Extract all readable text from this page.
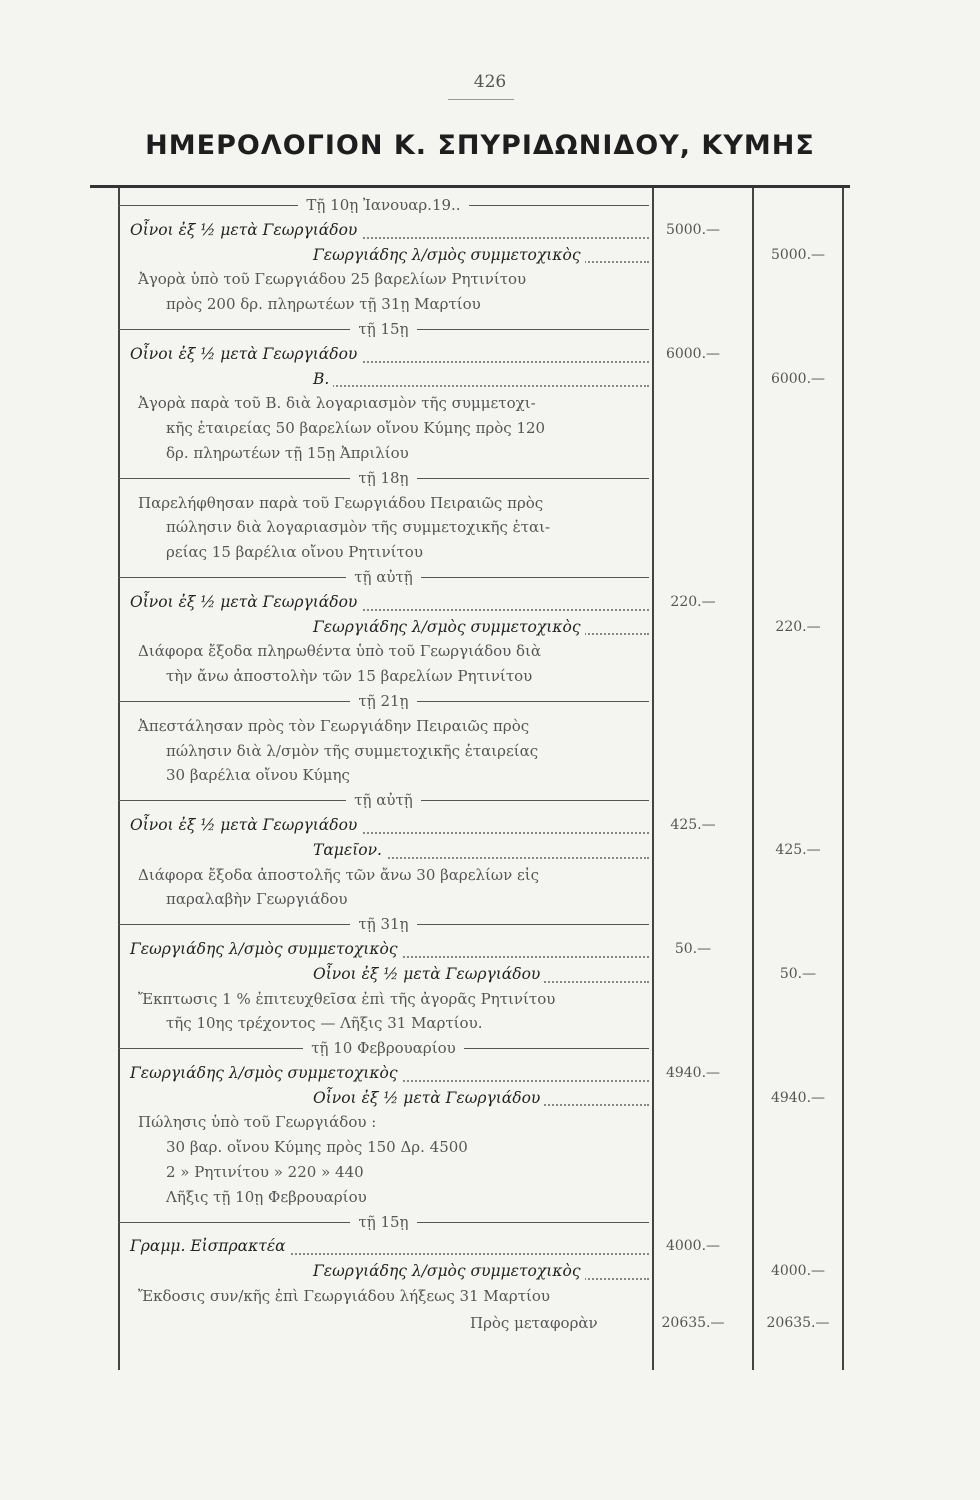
426
ΗΜΕΡΟΛΟΓΙΟΝ Κ. ΣΠΥΡΙΔΩΝΙΔΟΥ, ΚΥΜΗΣ
Τῇ 10ῃ Ἰανουαρ.19..
Οἶνοι ἐξ ½ μετὰ Γεωργιάδου	5000.—
Γεωργιάδης λ/σμὸς συμμετοχικὸς	5000.—
Ἀγορὰ ὑπὸ τοῦ Γεωργιάδου 25 βαρελίων Ρητινίτου
πρὸς 200 δρ. πληρωτέων τῇ 31ῃ Μαρτίου
τῇ 15ῃ
Οἶνοι ἐξ ½ μετὰ Γεωργιάδου	6000.—
Β.	6000.—
Ἀγορὰ παρὰ τοῦ Β. διὰ λογαριασμὸν τῆς συμμετοχι-
κῆς ἑταιρείας 50 βαρελίων οἴνου Κύμης πρὸς 120
δρ. πληρωτέων τῇ 15ῃ Ἀπριλίου
τῇ 18ῃ
Παρελήφθησαν παρὰ τοῦ Γεωργιάδου Πειραιῶς πρὸς
πώλησιν διὰ λογαριασμὸν τῆς συμμετοχικῆς ἑται-
ρείας 15 βαρέλια οἴνου Ρητινίτου
τῇ αὐτῇ
Οἶνοι ἐξ ½ μετὰ Γεωργιάδου	220.—
Γεωργιάδης λ/σμὸς συμμετοχικὸς	220.—
Διάφορα ἔξοδα πληρωθέντα ὑπὸ τοῦ Γεωργιάδου διὰ
τὴν ἄνω ἀποστολὴν τῶν 15 βαρελίων Ρητινίτου
τῇ 21ῃ
Ἀπεστάλησαν πρὸς τὸν Γεωργιάδην Πειραιῶς πρὸς
πώλησιν διὰ λ/σμὸν τῆς συμμετοχικῆς ἑταιρείας
30 βαρέλια οἴνου Κύμης
τῇ αὐτῇ
Οἶνοι ἐξ ½ μετὰ Γεωργιάδου	425.—
Ταμεῖον.	425.—
Διάφορα ἔξοδα ἀποστολῆς τῶν ἄνω 30 βαρελίων εἰς
παραλαβὴν Γεωργιάδου
τῇ 31ῃ
Γεωργιάδης λ/σμὸς συμμετοχικὸς	50.—
Οἶνοι ἐξ ½ μετὰ Γεωργιάδου	50.—
Ἔκπτωσις 1 % ἐπιτευχθεῖσα ἐπὶ τῆς ἀγορᾶς Ρητινίτου
τῆς 10ης τρέχοντος — Λῆξις 31 Μαρτίου.
τῇ 10 Φεβρουαρίου
Γεωργιάδης λ/σμὸς συμμετοχικὸς	4940.—
Οἶνοι ἐξ ½ μετὰ Γεωργιάδου	4940.—
Πώλησις ὑπὸ τοῦ Γεωργιάδου :
30 βαρ. οἴνου Κύμης πρὸς 150 Δρ. 4500
2 » Ρητινίτου » 220 » 440
Λῆξις τῇ 10ῃ Φεβρουαρίου
τῇ 15ῃ
Γραμμ. Εἰσπρακτέα	4000.—
Γεωργιάδης λ/σμὸς συμμετοχικὸς	4000.—
Ἔκδοσις συν/κῆς ἐπὶ Γεωργιάδου λήξεως 31 Μαρτίου
Πρὸς μεταφορὰν	20635.—	20635.—
